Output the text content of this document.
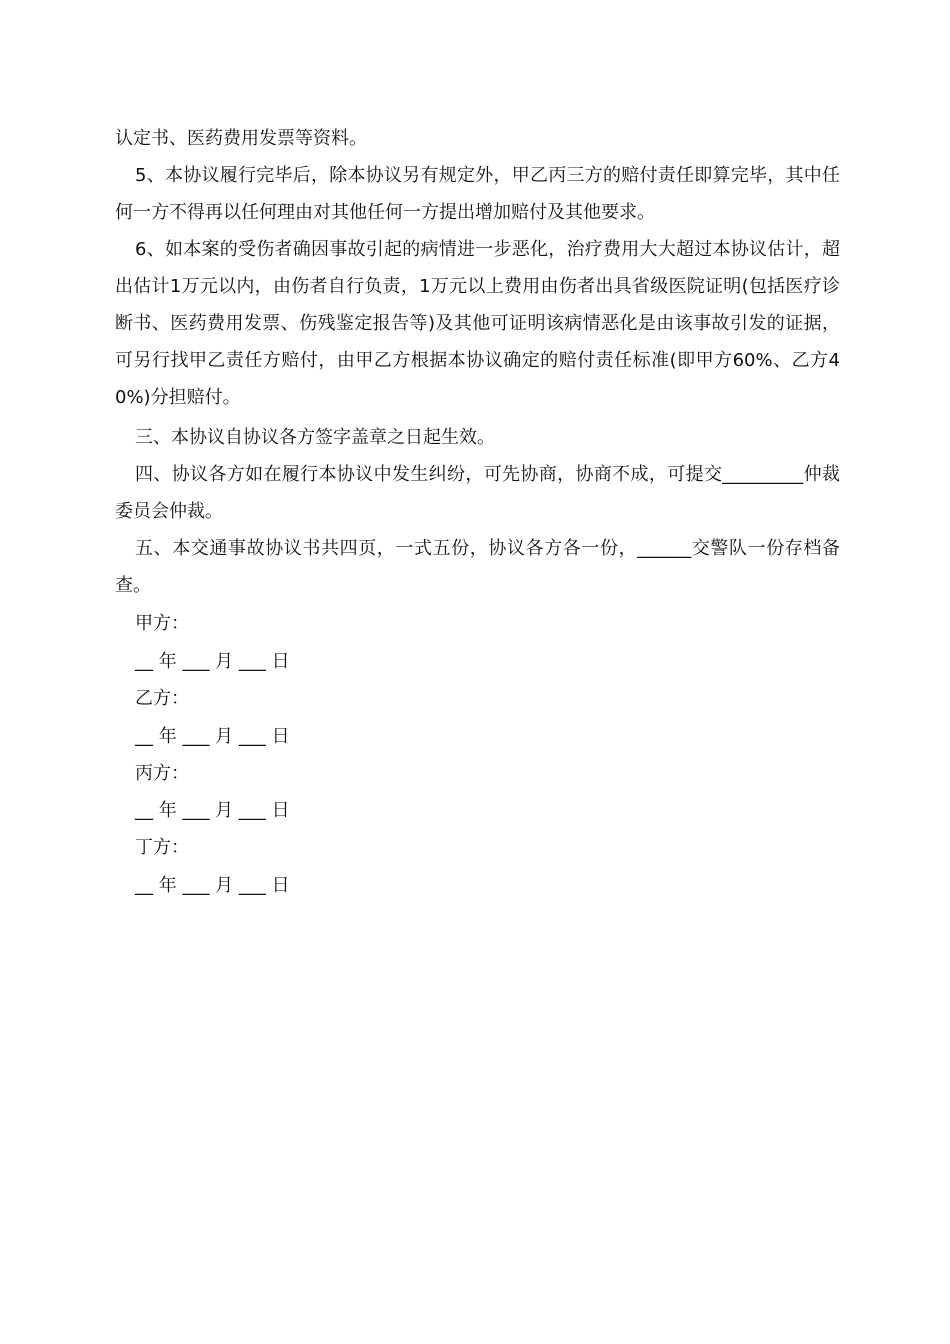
认定书、医药费用发票等资料。
5、本协议履行完毕后，除本协议另有规定外，甲乙丙三方的赔付责任即算完毕，其中任何一方不得再以任何理由对其他任何一方提出增加赔付及其他要求。
6、如本案的受伤者确因事故引起的病情进一步恶化，治疗费用大大超过本协议估计，超出估计1万元以内，由伤者自行负责，1万元以上费用由伤者出具省级医院证明(包括医疗诊断书、医药费用发票、伤残鉴定报告等)及其他可证明该病情恶化是由该事故引发的证据，可另行找甲乙责任方赔付，由甲乙方根据本协议确定的赔付责任标准(即甲方60%、乙方40%)分担赔付。
三、本协议自协议各方签字盖章之日起生效。
四、协议各方如在履行本协议中发生纠纷，可先协商，协商不成，可提交_________仲裁委员会仲裁。
五、本交通事故协议书共四页，一式五份，协议各方各一份，______交警队一份存档备查。
甲方：
__ 年 ___ 月 ___ 日
乙方：
__ 年 ___ 月 ___ 日
丙方：
__ 年 ___ 月 ___ 日
丁方：
__ 年 ___ 月 ___ 日
